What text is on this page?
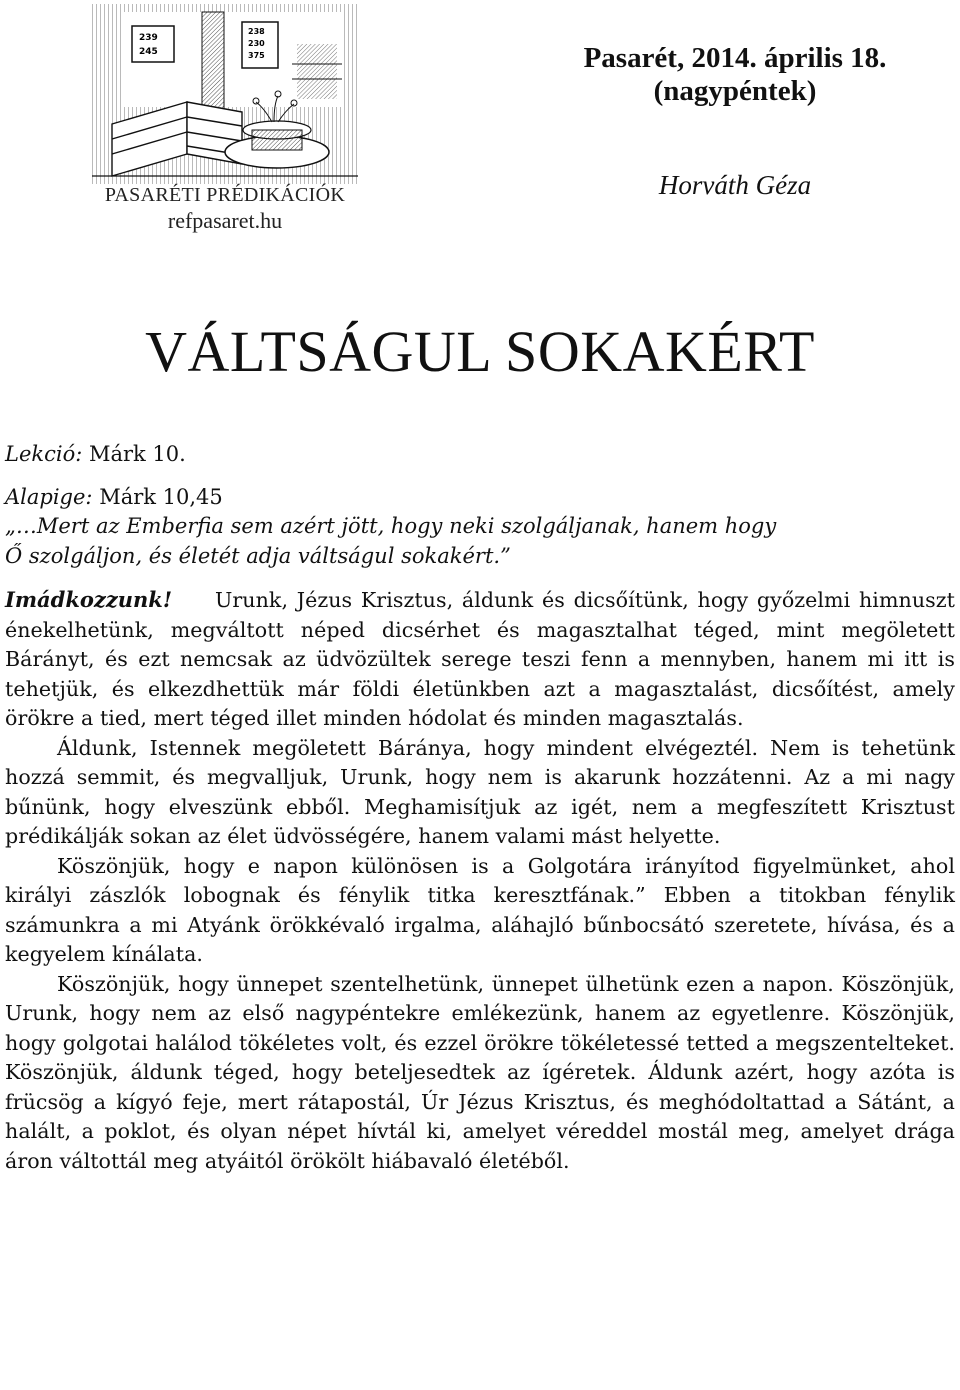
239
245
238
230
375
PASARÉTI PRÉDIKÁCIÓK
refpasaret.hu
Pasarét, 2014. április 18.
(nagypéntek)
Horváth Géza
VÁLTSÁGUL SOKAKÉRT

Lekció: Márk 10.

Alapige: Márk 10,45

„…Mert az Emberfia sem azért jött, hogy neki szolgáljanak, hanem hogy

Ő szolgáljon, és életét adja váltságul sokakért.”

Imádkozzunk!	Urunk, Jézus Krisztus, áldunk és dicsőítünk, hogy győzelmi himnuszt énekelhetünk, megváltott néped dicsérhet és magasztalhat téged, mint megöletett Bárányt, és ezt nemcsak az üdvözültek serege teszi fenn a mennyben, hanem mi itt is tehetjük, és elkezdhettük már földi életünkben azt a magasztalást, dicsőítést, amely örökre a tied, mert téged illet minden hódolat és minden magasztalás.

Áldunk, Istennek megöletett Báránya, hogy mindent elvégeztél. Nem is tehetünk hozzá semmit, és megvalljuk, Urunk, hogy nem is akarunk hozzátenni. Az a mi nagy bűnünk, hogy elveszünk ebből. Meghamisítjuk az igét, nem a megfeszített Krisztust prédikálják sokan az élet üdvösségére, hanem valami mást helyette.

Köszönjük, hogy e napon különösen is a Golgotára irányítod figyelmünket, ahol királyi zászlók lobognak és fénylik titka keresztfának.” Ebben a titokban fénylik számunkra a mi Atyánk örökkévaló irgalma, aláhajló bűnbocsátó szeretete, hívása, és a kegyelem kínálata.

Köszönjük, hogy ünnepet szentelhetünk, ünnepet ülhetünk ezen a napon. Köszönjük, Urunk, hogy nem az első nagypéntekre emlékezünk, hanem az egyetlenre. Köszönjük, hogy golgotai halálod tökéletes volt, és ezzel örökre tökéletessé tetted a megszentelteket. Köszönjük, áldunk téged, hogy beteljesedtek az ígéretek. Áldunk azért, hogy azóta is frücsög a kígyó feje, mert rátapostál, Úr Jézus Krisztus, és meghódoltattad a Sátánt, a halált, a poklot, és olyan népet hívtál ki, amelyet véreddel mostál meg, amelyet drága áron váltottál meg atyáitól örökölt hiábavaló életéből.
